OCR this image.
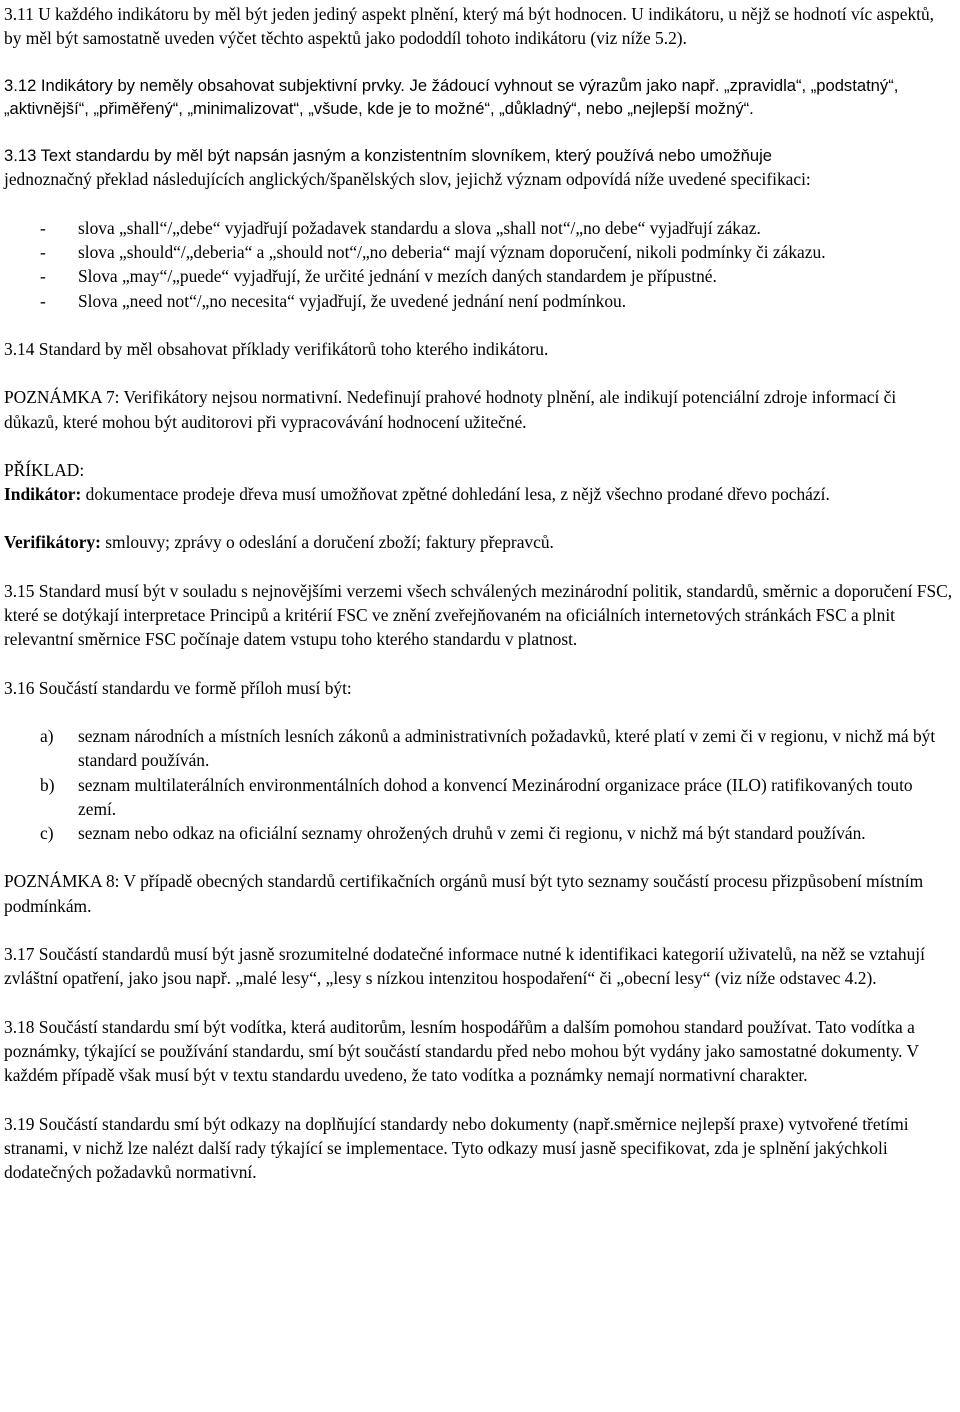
3.11 U každého indikátoru by měl být jeden jediný aspekt plnění, který má být hodnocen. U indikátoru, u nějž se hodnotí víc aspektů, by měl být samostatně uveden výčet těchto aspektů jako pododdíl tohoto indikátoru (viz níže 5.2).

3.12 Indikátory by neměly obsahovat subjektivní prvky. Je žádoucí vyhnout se výrazům jako např. „zpravidla“, „podstatný“, „aktivnější“, „přiměřený“, „minimalizovat“, „všude, kde je to možné“, „důkladný“, nebo „nejlepší možný“.

3.13 Text standardu by měl být napsán jasným a konzistentním slovníkem, který používá nebo umožňuje
jednoznačný překlad následujících anglických/španělských slov, jejichž význam odpovídá níže uvedené specifikaci:

- slova „shall“/„debe“ vyjadřují požadavek standardu a slova „shall not“/„no debe“ vyjadřují zákaz.
- slova „should“/„deberia“ a „should not“/„no deberia“ mají význam doporučení, nikoli podmínky či zákazu.
- Slova „may“/„puede“ vyjadřují, že určité jednání v mezích daných standardem je přípustné.
- Slova „need not“/„no necesita“ vyjadřují, že uvedené jednání není podmínkou.

3.14 Standard by měl obsahovat příklady verifikátorů toho kterého indikátoru.

POZNÁMKA 7: Verifikátory nejsou normativní. Nedefinují prahové hodnoty plnění, ale indikují potenciální zdroje informací či důkazů, které mohou být auditorovi při vypracovávání hodnocení užitečné.

PŘÍKLAD:

Indikátor: dokumentace prodeje dřeva musí umožňovat zpětné dohledání lesa, z nějž všechno prodané dřevo pochází.

Verifikátory: smlouvy; zprávy o odeslání a doručení zboží; faktury přepravců.

3.15 Standard musí být v souladu s nejnovějšími verzemi všech schválených mezinárodní politik, standardů, směrnic a doporučení FSC, které se dotýkají interpretace Principů a kritérií FSC ve znění zveřejňovaném na oficiálních internetových stránkách FSC a plnit relevantní směrnice FSC počínaje datem vstupu toho kterého standardu v platnost.

3.16 Součástí standardu ve formě příloh musí být:

a) seznam národních a místních lesních zákonů a administrativních požadavků, které platí v zemi či v regionu, v nichž má být standard používán.
b) seznam multilaterálních environmentálních dohod a konvencí Mezinárodní organizace práce (ILO) ratifikovaných touto zemí.
c) seznam nebo odkaz na oficiální seznamy ohrožených druhů v zemi či regionu, v nichž má být standard používán.

POZNÁMKA 8: V případě obecných standardů certifikačních orgánů musí být tyto seznamy součástí procesu přizpůsobení místním podmínkám.

3.17 Součástí standardů musí být jasně srozumitelné dodatečné informace nutné k identifikaci kategorií uživatelů, na něž se vztahují zvláštní opatření, jako jsou např. „malé lesy“, „lesy s nízkou intenzitou hospodaření“ či „obecní lesy“ (viz níže odstavec 4.2).

3.18 Součástí standardu smí být vodítka, která auditorům, lesním hospodářům a dalším pomohou standard používat. Tato vodítka a poznámky, týkající se používání standardu, smí být součástí standardu před nebo mohou být vydány jako samostatné dokumenty. V každém případě však musí být v textu standardu uvedeno, že tato vodítka a poznámky nemají normativní charakter.

3.19 Součástí standardu smí být odkazy na doplňující standardy nebo dokumenty (např.směrnice nejlepší praxe) vytvořené třetími stranami, v nichž lze nalézt další rady týkající se implementace. Tyto odkazy musí jasně specifikovat, zda je splnění jakýchkoli dodatečných požadavků normativní.
